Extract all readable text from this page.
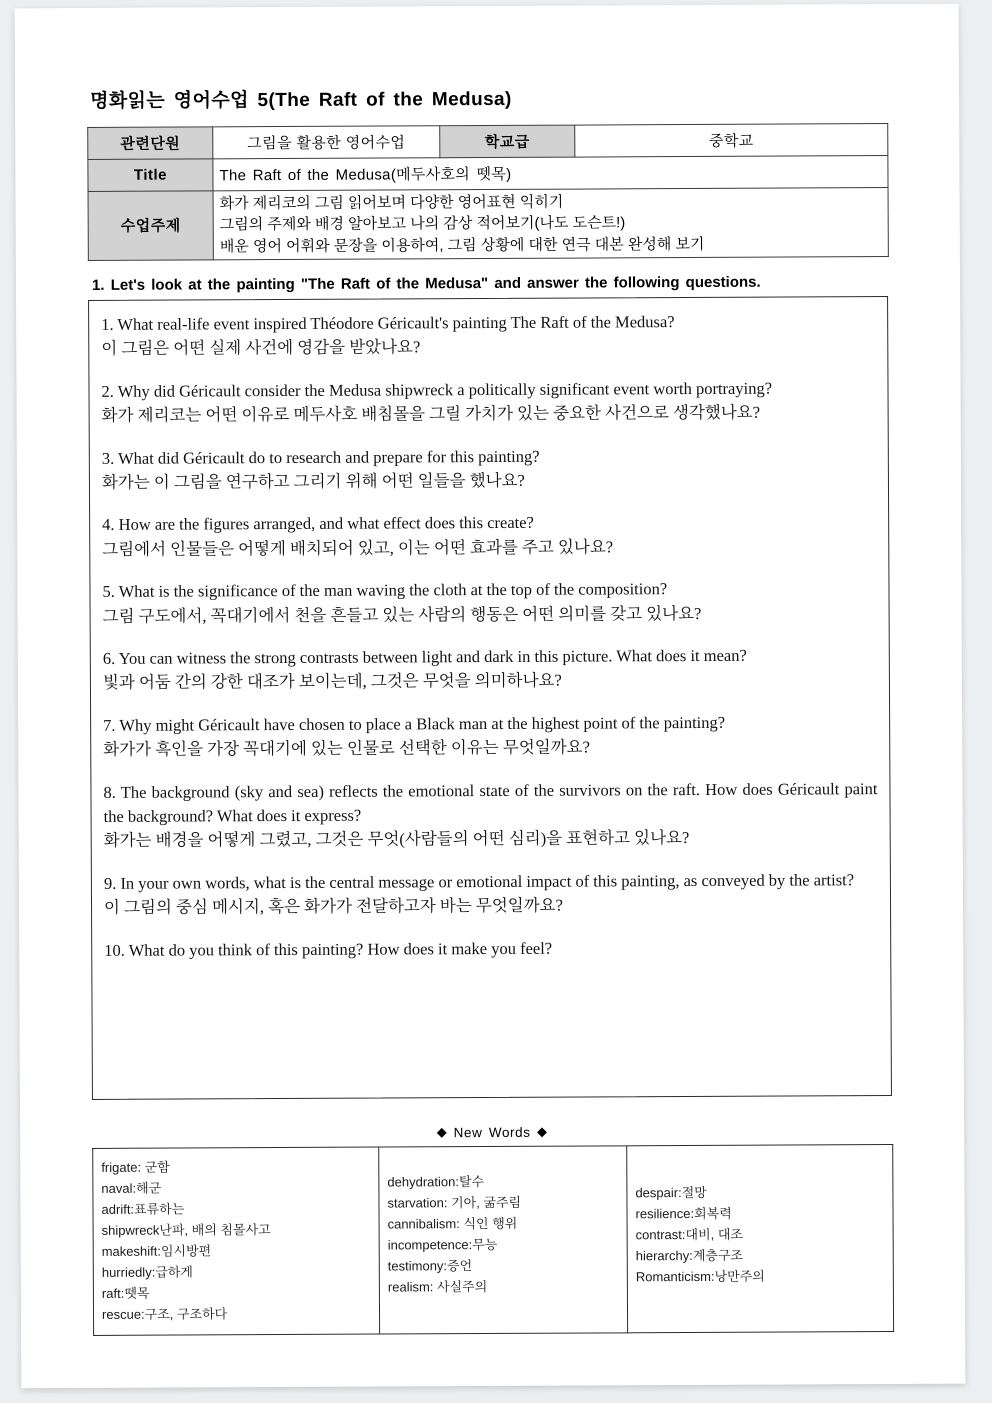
명화읽는 영어수업 5(The Raft of the Medusa)
관련단원	그림을 활용한 영어수업	학교급	중학교
Title	The Raft of the Medusa(메두사호의 뗏목)		
수업주제	화가 제리코의 그림 읽어보며 다양한 영어표현 익히기
그림의 주제와 배경 알아보고 나의 감상 적어보기(나도 도슨트!)
배운 영어 어휘와 문장을 이용하여, 그림 상황에 대한 연극 대본 완성해 보기		
1. Let's look at the painting "The Raft of the Medusa" and answer the following questions.
1. What real-life event inspired Théodore Géricault's painting The Raft of the Medusa?
이 그림은 어떤 실제 사건에 영감을 받았나요?
2. Why did Géricault consider the Medusa shipwreck a politically significant event worth portraying?
화가 제리코는 어떤 이유로 메두사호 배침몰을 그릴 가치가 있는 중요한 사건으로 생각했나요?
3. What did Géricault do to research and prepare for this painting?
화가는 이 그림을 연구하고 그리기 위해 어떤 일들을 했나요?
4. How are the figures arranged, and what effect does this create?
그림에서 인물들은 어떻게 배치되어 있고, 이는 어떤 효과를 주고 있나요?
5. What is the significance of the man waving the cloth at the top of the composition?
그림 구도에서, 꼭대기에서 천을 흔들고 있는 사람의 행동은 어떤 의미를 갖고 있나요?
6. You can witness the strong contrasts between light and dark in this picture. What does it mean?
빛과 어둠 간의 강한 대조가 보이는데, 그것은 무엇을 의미하나요?
7. Why might Géricault have chosen to place a Black man at the highest point of the painting?
화가가 흑인을 가장 꼭대기에 있는 인물로 선택한 이유는 무엇일까요?
8. The background (sky and sea) reflects the emotional state of the survivors on the raft. How does Géricault paint the background? What does it express?
화가는 배경을 어떻게 그렸고, 그것은 무엇(사람들의 어떤 심리)을 표현하고 있나요?
9. In your own words, what is the central message or emotional impact of this painting, as conveyed by the artist?
이 그림의 중심 메시지, 혹은 화가가 전달하고자 바는 무엇일까요?
10. What do you think of this painting? How does it make you feel?
◆ New Words ◆
frigate: 군함
naval:해군
adrift:표류하는
shipwreck난파, 배의 침몰사고
makeshift:임시방편
hurriedly:급하게
raft:뗏목
rescue:구조, 구조하다

dehydration:탈수
starvation: 기아, 굶주림
cannibalism: 식인 행위
incompetence:무능
testimony:증언
realism: 사실주의

despair:절망
resilience:회복력
contrast:대비, 대조
hierarchy:계층구조
Romanticism:낭만주의
